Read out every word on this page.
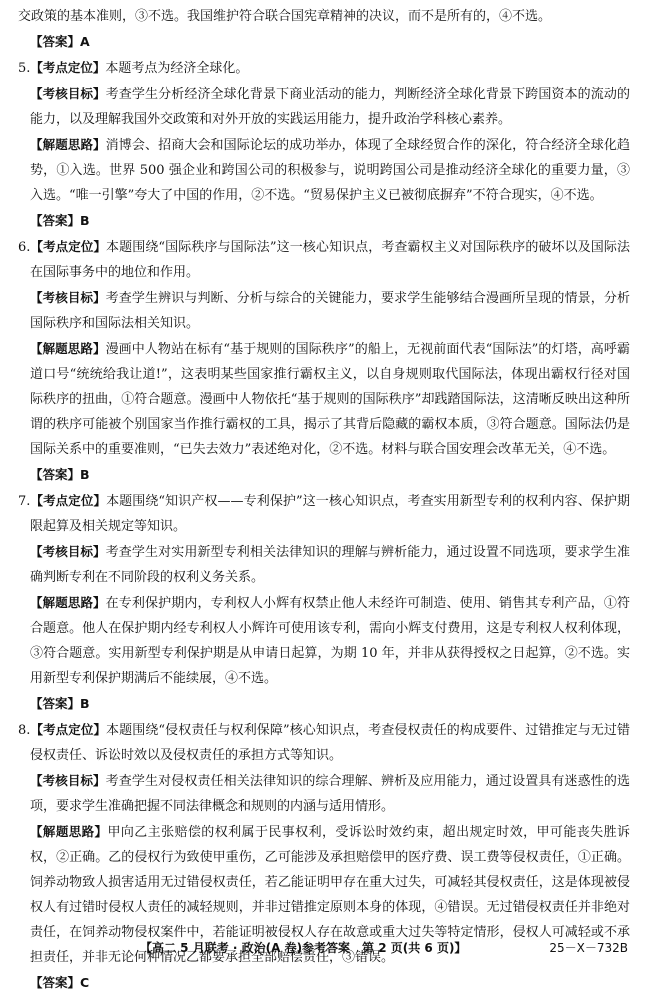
交政策的基本准则，③不选。我国维护符合联合国宪章精神的决议，而不是所有的，④不选。

【答案】A

5.【考点定位】本题考点为经济全球化。

【考核目标】考查学生分析经济全球化背景下商业活动的能力，判断经济全球化背景下跨国资本的流动的能力，以及理解我国外交政策和对外开放的实践运用能力，提升政治学科核心素养。

【解题思路】消博会、招商大会和国际论坛的成功举办，体现了全球经贸合作的深化，符合经济全球化趋势，①入选。世界 500 强企业和跨国公司的积极参与，说明跨国公司是推动经济全球化的重要力量，③入选。“唯一引擎”夸大了中国的作用，②不选。“贸易保护主义已被彻底摒弃”不符合现实，④不选。

【答案】B

6.【考点定位】本题围绕“国际秩序与国际法”这一核心知识点，考查霸权主义对国际秩序的破坏以及国际法在国际事务中的地位和作用。

【考核目标】考查学生辨识与判断、分析与综合的关键能力，要求学生能够结合漫画所呈现的情景，分析国际秩序和国际法相关知识。

【解题思路】漫画中人物站在标有“基于规则的国际秩序”的船上，无视前面代表“国际法”的灯塔，高呼霸道口号“统统给我让道!”，这表明某些国家推行霸权主义，以自身规则取代国际法，体现出霸权行径对国际秩序的扭曲，①符合题意。漫画中人物依托“基于规则的国际秩序”却践踏国际法，这清晰反映出这种所谓的秩序可能被个别国家当作推行霸权的工具，揭示了其背后隐藏的霸权本质，③符合题意。国际法仍是国际关系中的重要准则，“已失去效力”表述绝对化，②不选。材料与联合国安理会改革无关，④不选。

【答案】B

7.【考点定位】本题围绕“知识产权——专利保护”这一核心知识点，考查实用新型专利的权利内容、保护期限起算及相关规定等知识。

【考核目标】考查学生对实用新型专利相关法律知识的理解与辨析能力，通过设置不同选项，要求学生准确判断专利在不同阶段的权利义务关系。

【解题思路】在专利保护期内，专利权人小辉有权禁止他人未经许可制造、使用、销售其专利产品，①符合题意。他人在保护期内经专利权人小辉许可使用该专利，需向小辉支付费用，这是专利权人权利体现，③符合题意。实用新型专利保护期是从申请日起算，为期 10 年，并非从获得授权之日起算，②不选。实用新型专利保护期满后不能续展，④不选。

【答案】B

8.【考点定位】本题围绕“侵权责任与权利保障”核心知识点，考查侵权责任的构成要件、过错推定与无过错侵权责任、诉讼时效以及侵权责任的承担方式等知识。

【考核目标】考查学生对侵权责任相关法律知识的综合理解、辨析及应用能力，通过设置具有迷惑性的选项，要求学生准确把握不同法律概念和规则的内涵与适用情形。

【解题思路】甲向乙主张赔偿的权利属于民事权利，受诉讼时效约束，超出规定时效，甲可能丧失胜诉权，②正确。乙的侵权行为致使甲重伤，乙可能涉及承担赔偿甲的医疗费、误工费等侵权责任，①正确。饲养动物致人损害适用无过错侵权责任，若乙能证明甲存在重大过失，可减轻其侵权责任，这是体现被侵权人有过错时侵权人责任的减轻规则，并非过错推定原则本身的体现，④错误。无过错侵权责任并非绝对责任，在饲养动物侵权案件中，若能证明被侵权人存在故意或重大过失等特定情形，侵权人可减轻或不承担责任，并非无论何种情况乙都要承担全部赔偿责任，③错误。

【答案】C

【高二 5 月联考 · 政治(A 卷)参考答案　第 2 页(共 6 页)】	25－X－732B
